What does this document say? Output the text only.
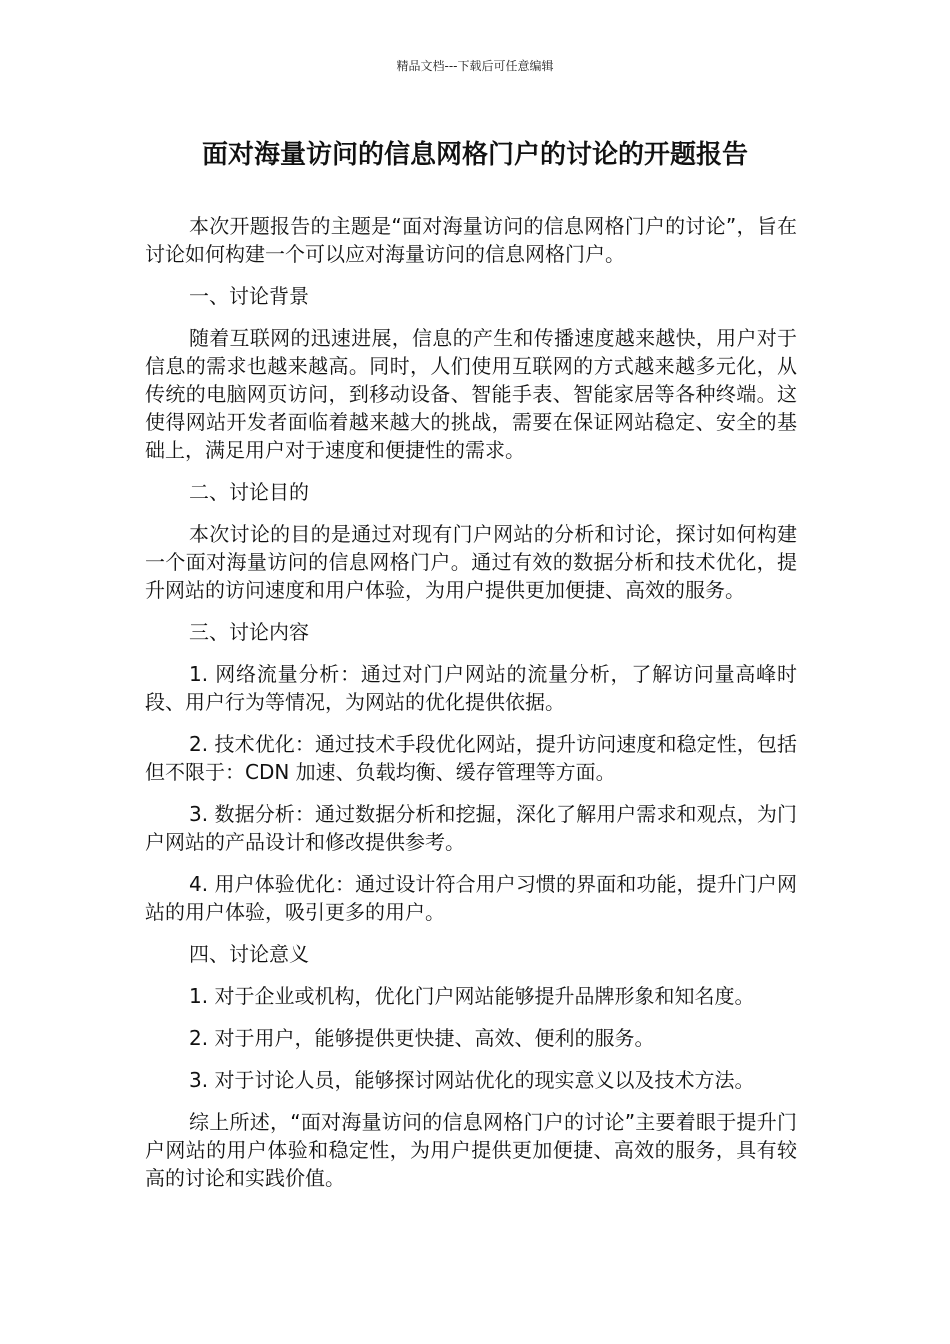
精品文档---下载后可任意编辑
面对海量访问的信息网格门户的讨论的开题报告

本次开题报告的主题是“面对海量访问的信息网格门户的讨论”，旨在讨论如何构建一个可以应对海量访问的信息网格门户。

一、讨论背景

随着互联网的迅速进展，信息的产生和传播速度越来越快，用户对于信息的需求也越来越高。同时，人们使用互联网的方式越来越多元化，从传统的电脑网页访问，到移动设备、智能手表、智能家居等各种终端。这使得网站开发者面临着越来越大的挑战，需要在保证网站稳定、安全的基础上，满足用户对于速度和便捷性的需求。

二、讨论目的

本次讨论的目的是通过对现有门户网站的分析和讨论，探讨如何构建一个面对海量访问的信息网格门户。通过有效的数据分析和技术优化，提升网站的访问速度和用户体验，为用户提供更加便捷、高效的服务。

三、讨论内容

1. 网络流量分析：通过对门户网站的流量分析，了解访问量高峰时段、用户行为等情况，为网站的优化提供依据。

2. 技术优化：通过技术手段优化网站，提升访问速度和稳定性，包括但不限于：CDN 加速、负载均衡、缓存管理等方面。

3. 数据分析：通过数据分析和挖掘，深化了解用户需求和观点，为门户网站的产品设计和修改提供参考。

4. 用户体验优化：通过设计符合用户习惯的界面和功能，提升门户网站的用户体验，吸引更多的用户。

四、讨论意义

1. 对于企业或机构，优化门户网站能够提升品牌形象和知名度。

2. 对于用户，能够提供更快捷、高效、便利的服务。

3. 对于讨论人员，能够探讨网站优化的现实意义以及技术方法。

综上所述，“面对海量访问的信息网格门户的讨论”主要着眼于提升门户网站的用户体验和稳定性，为用户提供更加便捷、高效的服务，具有较高的讨论和实践价值。
